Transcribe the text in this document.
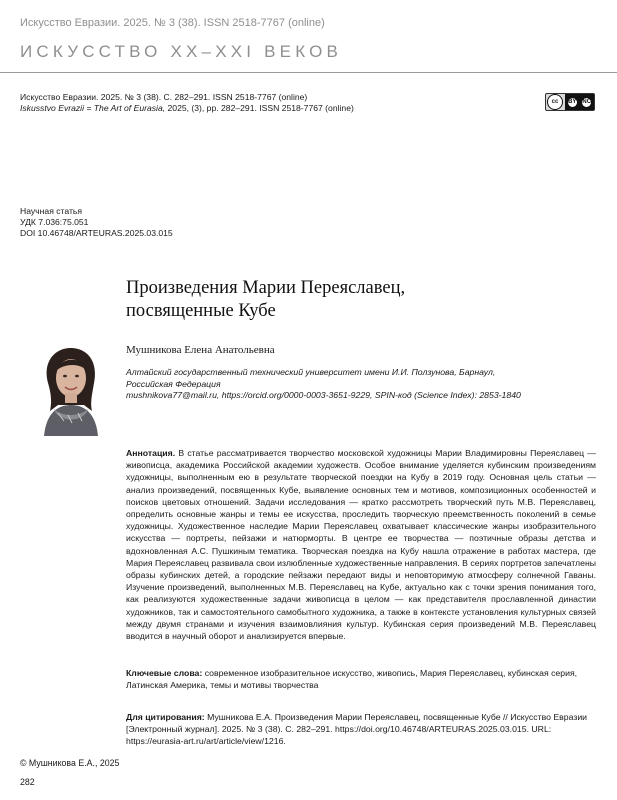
Искусство Евразии. 2025. № 3 (38). ISSN 2518-7767 (online)
ИСКУССТВО XX–XXI ВЕКОВ
Искусство Евразии. 2025. № 3 (38). С. 282–291. ISSN 2518-7767 (online)
Iskusstvo Evrazii = The Art of Eurasia, 2025, (3), pp. 282–291. ISSN 2518-7767 (online)
cc	BY NC
Научная статья
УДК 7.036:75.051
DOI 10.46748/ARTEURAS.2025.03.015
Произведения Марии Переяславец,
посвященные Кубе
Мушникова Елена Анатольевна
Алтайский государственный технический университет имени И.И. Ползунова, Барнаул,
Российская Федерация
mushnikova77@mail.ru, https://orcid.org/0000-0003-3651-9229, SPIN-код (Science Index): 2853-1840
Аннотация. В статье рассматривается творчество московской художницы Марии Владимировны Переяславец — живописца, академика Российской академии художеств. Особое внимание уделяется кубинским произведениям художницы, выполненным ею в результате творческой поездки на Кубу в 2019 году. Основная цель статьи — анализ произведений, посвященных Кубе, выявление основных тем и мотивов, композиционных особенностей и поисков цветовых отношений. Задачи исследования — кратко рассмотреть творческий путь М.В. Переяславец, определить основные жанры и темы ее искусства, проследить творческую преемственность поколений в семье художницы. Художественное наследие Марии Переяславец охватывает классические жанры изобразительного искусства — портреты, пейзажи и натюрморты. В центре ее творчества — поэтичные образы детства и вдохновленная А.С. Пушкиным тематика. Творческая поездка на Кубу нашла отражение в работах мастера, где Мария Переяславец развивала свои излюбленные художественные направления. В сериях портретов запечатлены образы кубинских детей, а городские пейзажи передают виды и неповторимую атмосферу солнечной Гаваны. Изучение произведений, выполненных М.В. Переяславец на Кубе, актуально как с точки зрения понимания того, как реализуются художественные задачи живописца в целом — как представителя прославленной династии художников, так и самостоятельного самобытного художника, а также в контексте установления культурных связей между двумя странами и изучения взаимовлияния культур. Кубинская серия произведений М.В. Переяславец вводится в научный оборот и анализируется впервые.
Ключевые слова: современное изобразительное искусство, живопись, Мария Переяславец, кубинская серия, Латинская Америка, темы и мотивы творчества
Для цитирования: Мушникова Е.А. Произведения Марии Переяславец, посвященные Кубе // Искусство Евразии [Электронный журнал]. 2025. № 3 (38). С. 282–291. https://doi.org/10.46748/ARTEURAS.2025.03.015. URL: https://eurasia-art.ru/art/article/view/1216.
© Мушникова Е.А., 2025
282
